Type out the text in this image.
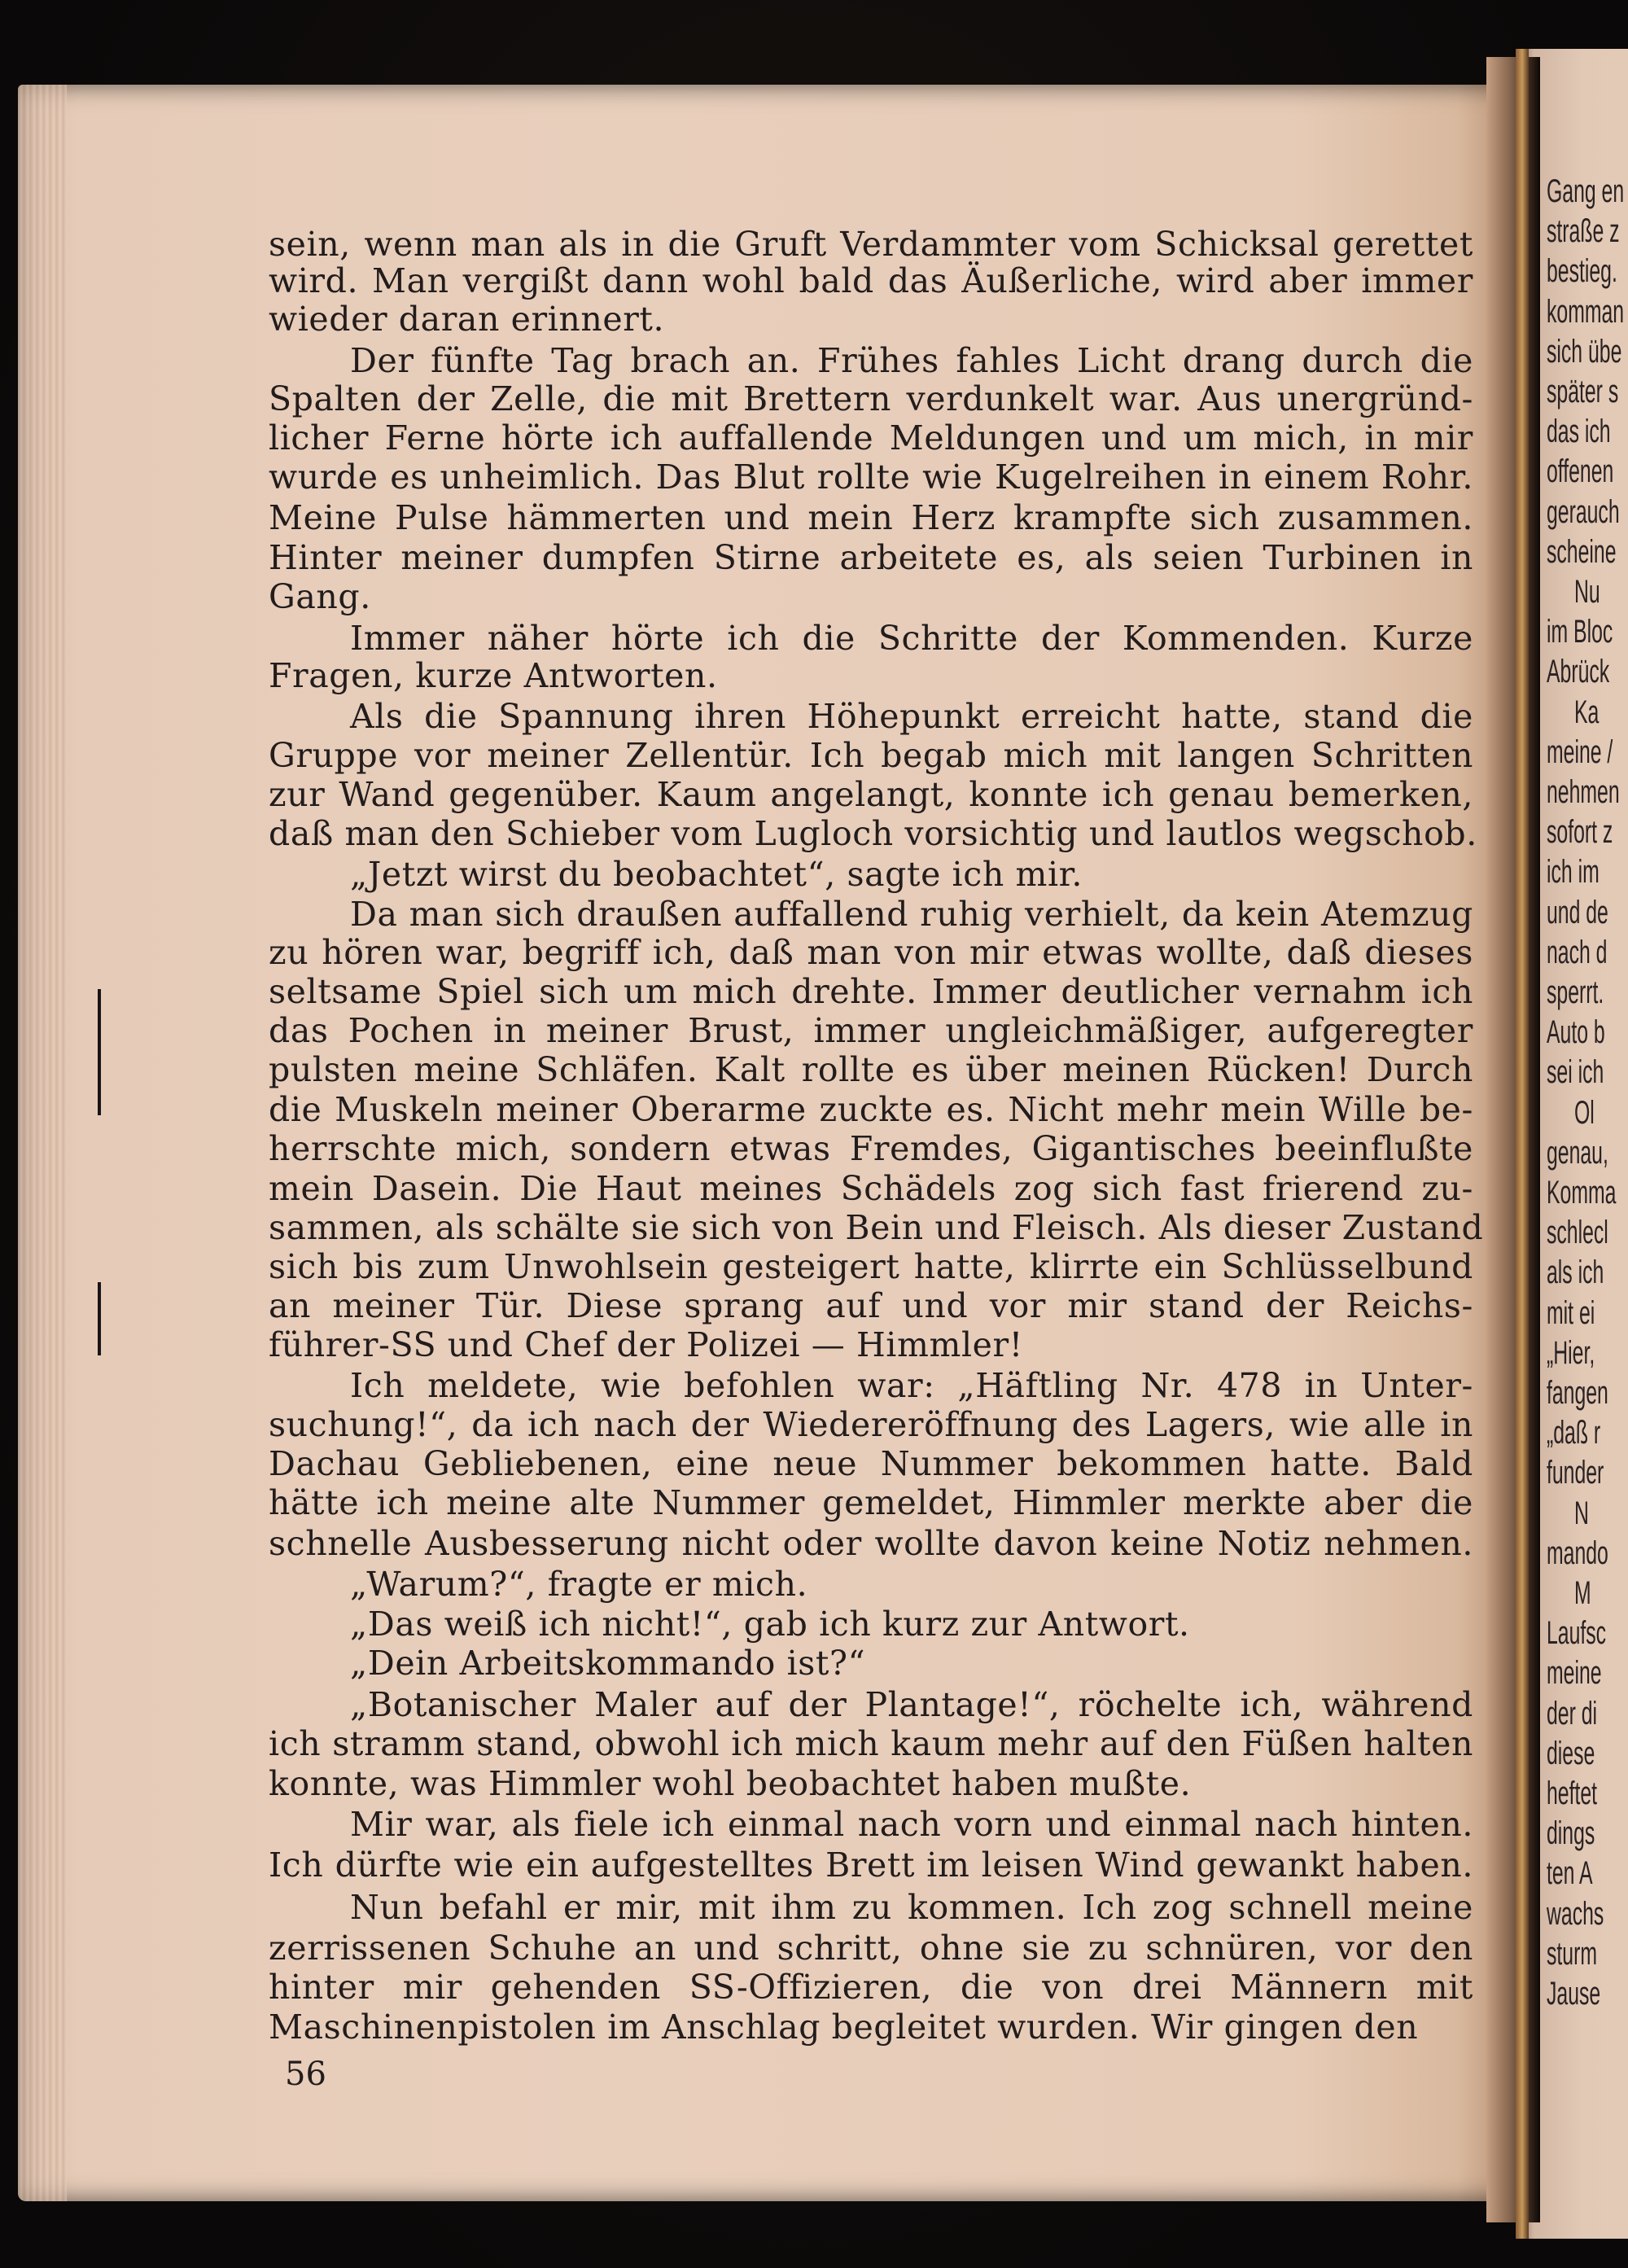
Gang en
straße z
bestieg.
komman
sich übe
später s
das ich
offenen
gerauch
scheine
Nu
im Bloc
Abrück
Ka
meine /
nehmen
sofort z
ich im
und de
nach d
sperrt.
Auto b
sei ich
Ol
genau,
Komma
schlecl
als ich
mit ei
„Hier,
fangen
„daß r
funder
N
mando
M
Laufsc
meine
der di
diese
heftet
dings
ten A
wachs
sturm
Jause
sein, wenn man als in die Gruft Verdammter vom Schicksal gerettet
wird. Man vergißt dann wohl bald das Äußerliche, wird aber immer
wieder daran erinnert.
Der fünfte Tag brach an. Frühes fahles Licht drang durch die
Spalten der Zelle, die mit Brettern verdunkelt war. Aus unergründ-
licher Ferne hörte ich auffallende Meldungen und um mich, in mir
wurde es unheimlich. Das Blut rollte wie Kugelreihen in einem Rohr.
Meine Pulse hämmerten und mein Herz krampfte sich zusammen.
Hinter meiner dumpfen Stirne arbeitete es, als seien Turbinen in
Gang.
Immer näher hörte ich die Schritte der Kommenden. Kurze
Fragen, kurze Antworten.
Als die Spannung ihren Höhepunkt erreicht hatte, stand die
Gruppe vor meiner Zellentür. Ich begab mich mit langen Schritten
zur Wand gegenüber. Kaum angelangt, konnte ich genau bemerken,
daß man den Schieber vom Lugloch vorsichtig und lautlos wegschob.
„Jetzt wirst du beobachtet“, sagte ich mir.
Da man sich draußen auffallend ruhig verhielt, da kein Atemzug
zu hören war, begriff ich, daß man von mir etwas wollte, daß dieses
seltsame Spiel sich um mich drehte. Immer deutlicher vernahm ich
das Pochen in meiner Brust, immer ungleichmäßiger, aufgeregter
pulsten meine Schläfen. Kalt rollte es über meinen Rücken! Durch
die Muskeln meiner Oberarme zuckte es. Nicht mehr mein Wille be-
herrschte mich, sondern etwas Fremdes, Gigantisches beeinflußte
mein Dasein. Die Haut meines Schädels zog sich fast frierend zu-
sammen, als schälte sie sich von Bein und Fleisch. Als dieser Zustand
sich bis zum Unwohlsein gesteigert hatte, klirrte ein Schlüsselbund
an meiner Tür. Diese sprang auf und vor mir stand der Reichs-
führer-SS und Chef der Polizei — Himmler!
Ich meldete, wie befohlen war: „Häftling Nr. 478 in Unter-
suchung!“, da ich nach der Wiedereröffnung des Lagers, wie alle in
Dachau Gebliebenen, eine neue Nummer bekommen hatte. Bald
hätte ich meine alte Nummer gemeldet, Himmler merkte aber die
schnelle Ausbesserung nicht oder wollte davon keine Notiz nehmen.
„Warum?“, fragte er mich.
„Das weiß ich nicht!“, gab ich kurz zur Antwort.
„Dein Arbeitskommando ist?“
„Botanischer Maler auf der Plantage!“, röchelte ich, während
ich stramm stand, obwohl ich mich kaum mehr auf den Füßen halten
konnte, was Himmler wohl beobachtet haben mußte.
Mir war, als fiele ich einmal nach vorn und einmal nach hinten.
Ich dürfte wie ein aufgestelltes Brett im leisen Wind gewankt haben.
Nun befahl er mir, mit ihm zu kommen. Ich zog schnell meine
zerrissenen Schuhe an und schritt, ohne sie zu schnüren, vor den
hinter mir gehenden SS-Offizieren, die von drei Männern mit
Maschinenpistolen im Anschlag begleitet wurden. Wir gingen den
56
